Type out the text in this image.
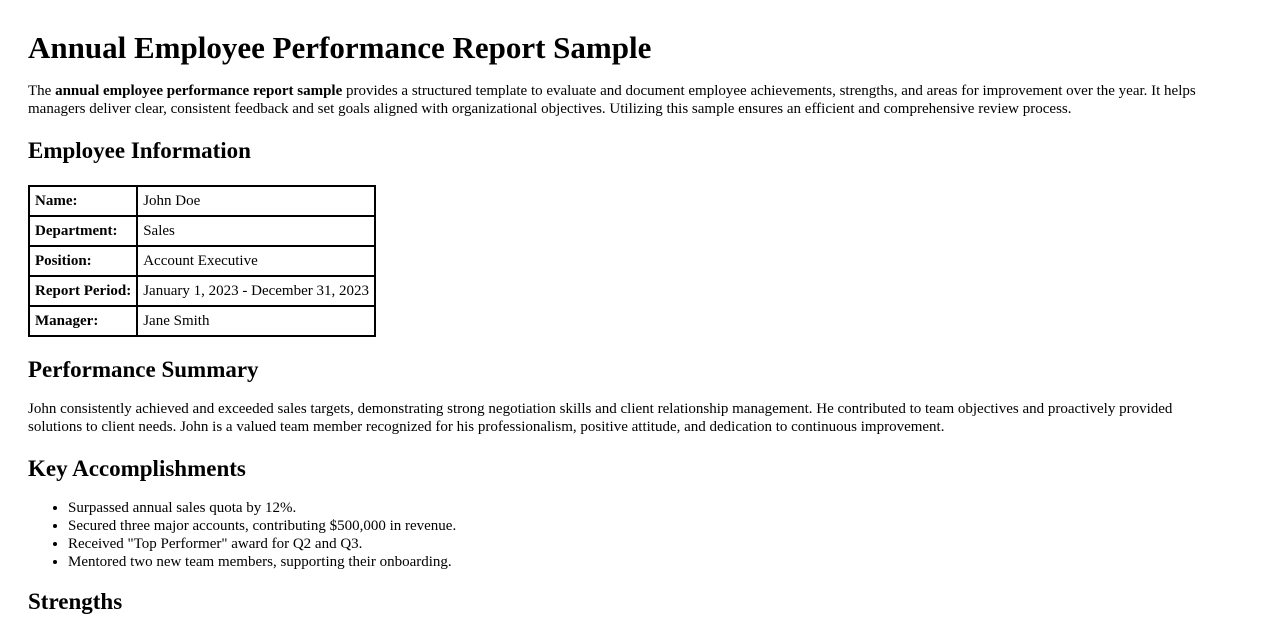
Annual Employee Performance Report Sample

The annual employee performance report sample provides a structured template to evaluate and document employee achievements, strengths, and areas for improvement over the year. It helps managers deliver clear, consistent feedback and set goals aligned with organizational objectives. Utilizing this sample ensures an efficient and comprehensive review process.

Employee Information
Name:	John Doe
Department:	Sales
Position:	Account Executive
Report Period:	January 1, 2023 - December 31, 2023
Manager:	Jane Smith
Performance Summary

John consistently achieved and exceeded sales targets, demonstrating strong negotiation skills and client relationship management. He contributed to team objectives and proactively provided solutions to client needs. John is a valued team member recognized for his professionalism, positive attitude, and dedication to continuous improvement.

Key Accomplishments
• Surpassed annual sales quota by 12%.
• Secured three major accounts, contributing $500,000 in revenue.
• Received "Top Performer" award for Q2 and Q3.
• Mentored two new team members, supporting their onboarding.
Strengths
